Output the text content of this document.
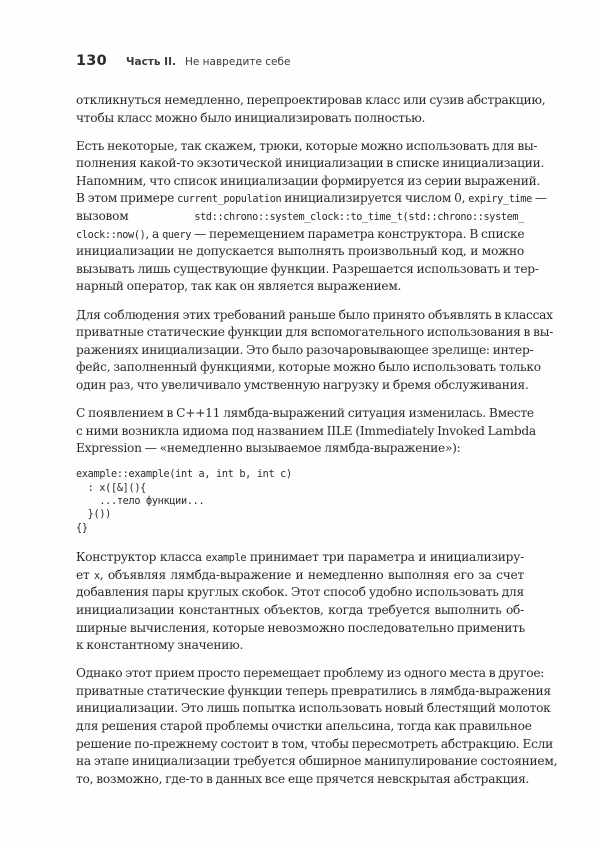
130	Часть II. Не навредите себе

откликнуться немедленно, перепроектировав класс или сузив абстракцию,
чтобы класс можно было инициализировать полностью.

Есть некоторые, так скажем, трюки, которые можно использовать для вы-
полнения какой-то экзотической инициализации в списке инициализации.
Напомним, что список инициализации формируется из серии выражений.
В этом примере current_population инициализируется числом 0, expiry_time —
вызовом std::chrono::system_clock::to_time_t(std::chrono::system_
clock::now(), а query — перемещением параметра конструктора. В списке
инициализации не допускается выполнять произвольный код, и можно
вызывать лишь существующие функции. Разрешается использовать и тер-
нарный оператор, так как он является выражением.

Для соблюдения этих требований раньше было принято объявлять в классах
приватные статические функции для вспомогательного использования в вы-
ражениях инициализации. Это было разочаровывающее зрелище: интер-
фейс, заполненный функциями, которые можно было использовать только
один раз, что увеличивало умственную нагрузку и бремя обслуживания.

С появлением в C++11 лямбда-выражений ситуация изменилась. Вместе
с ними возникла идиома под названием IILE (Immediately Invoked Lambda
Expression — «немедленно вызываемое лямбда-выражение»):

example::example(int a, int b, int c)
: x([&](){
...тело функции...
}())
{}

Конструктор класса example принимает три параметра и инициализиру-
ет x, объявляя лямбда-выражение и немедленно выполняя его за счет
добавления пары круглых скобок. Этот способ удобно использовать для
инициализации константных объектов, когда требуется выполнить об-
ширные вычисления, которые невозможно последовательно применить
к константному значению.

Однако этот прием просто перемещает проблему из одного места в другое:
приватные статические функции теперь превратились в лямбда-выражения
инициализации. Это лишь попытка использовать новый блестящий молоток
для решения старой проблемы очистки апельсина, тогда как правильное
решение по-прежнему состоит в том, чтобы пересмотреть абстракцию. Если
на этапе инициализации требуется обширное манипулирование состоянием,
то, возможно, где-то в данных все еще прячется невскрытая абстракция.
